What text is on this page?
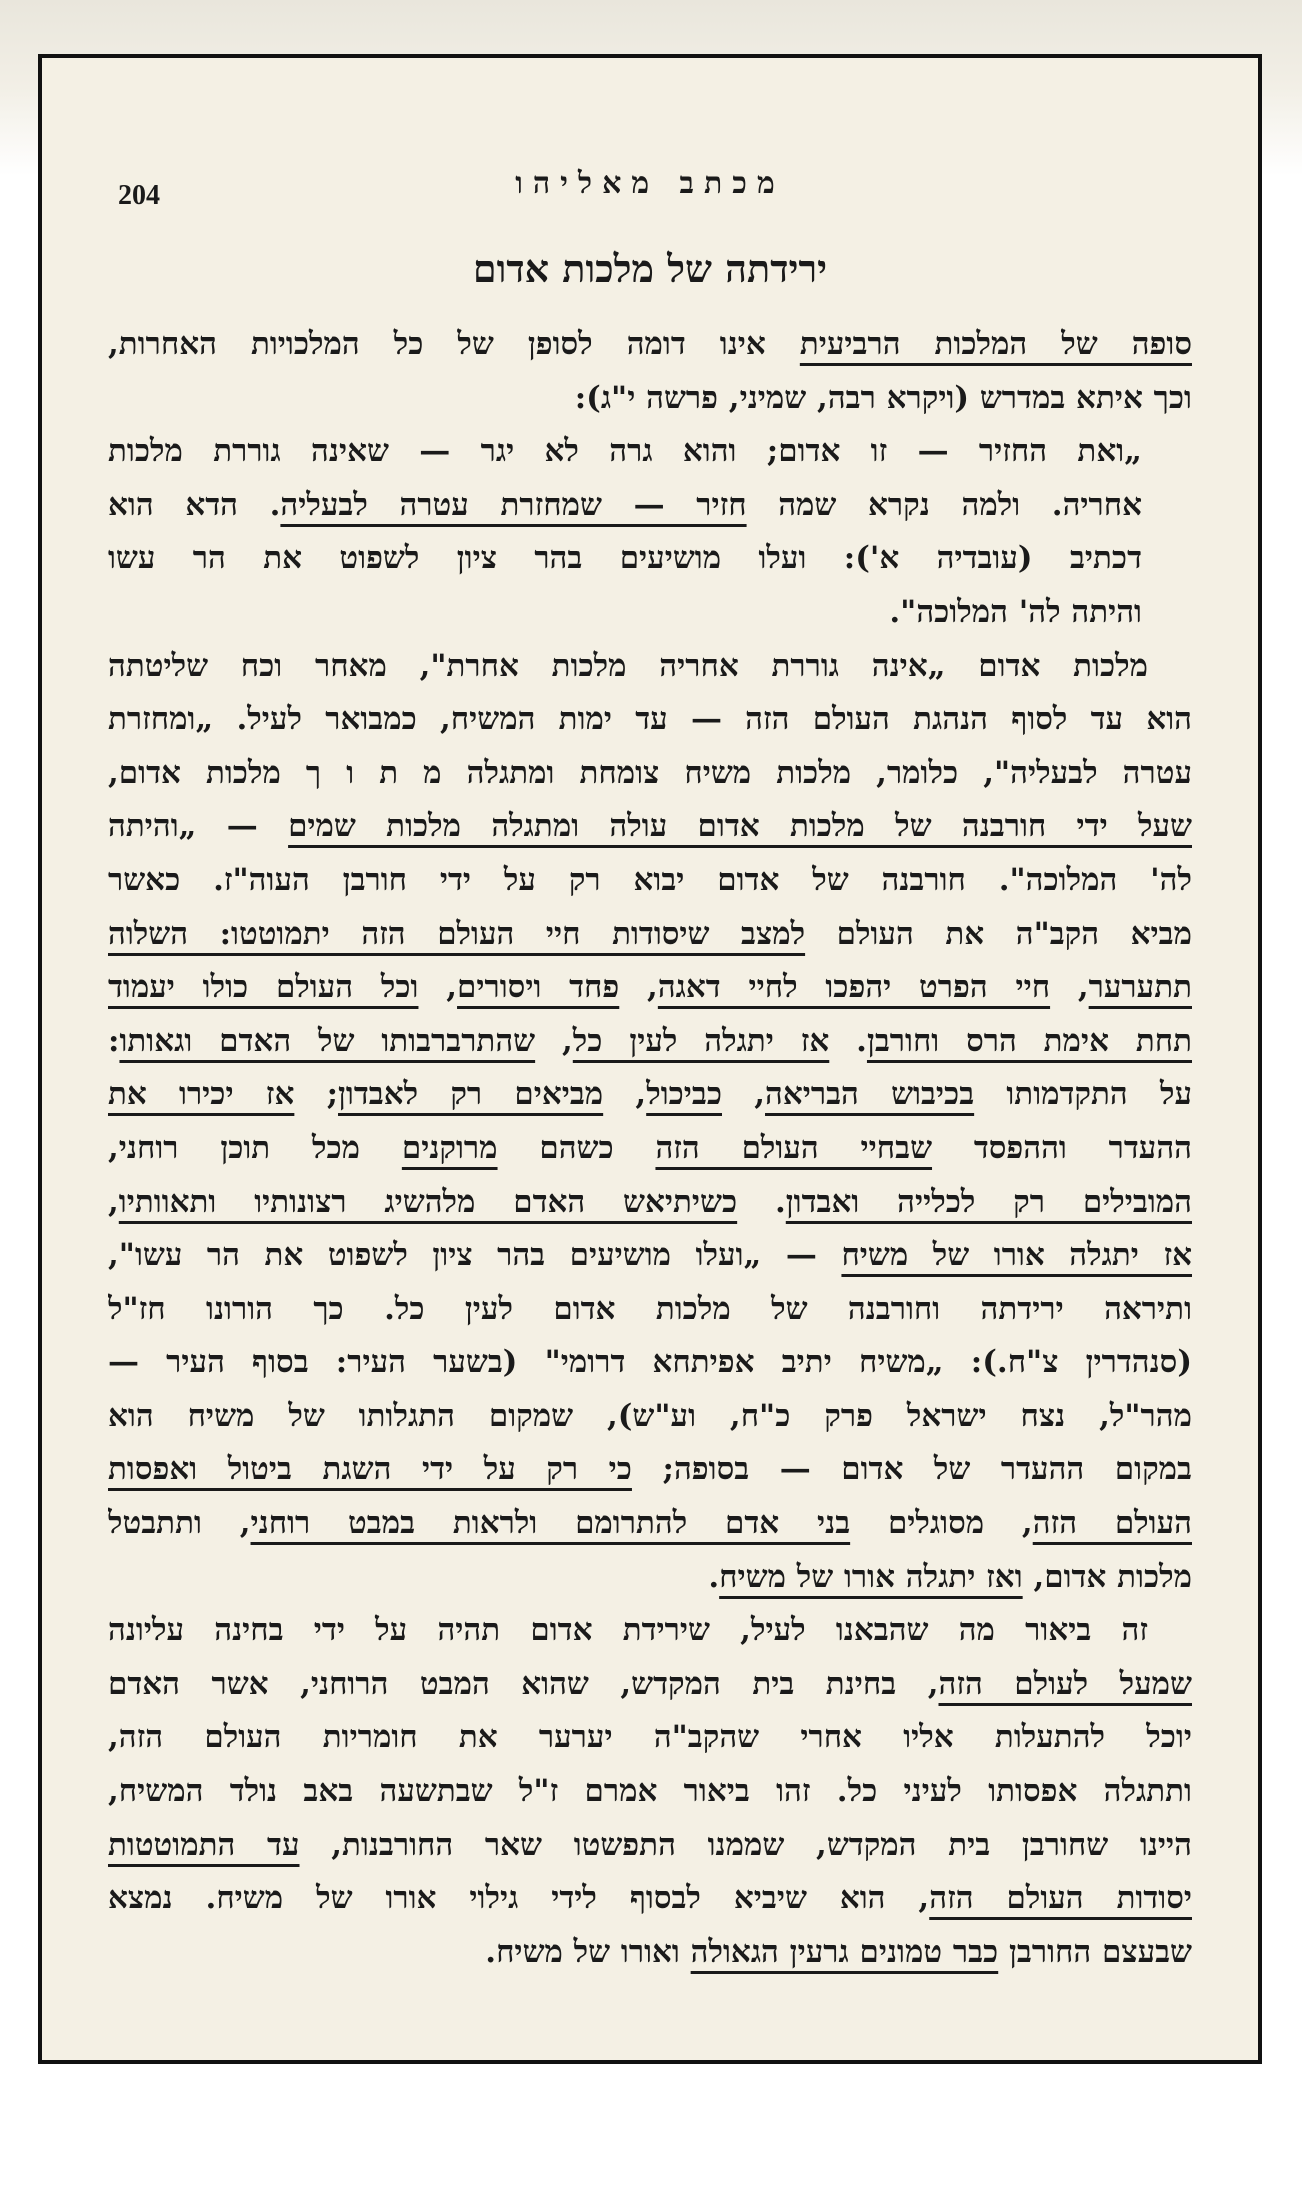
מכתב מאליהו
204
ירידתה של מלכות אדום
סופה של המלכות הרביעית אינו דומה לסופן של כל המלכויות האחרות,
וכך איתא במדרש (ויקרא רבה, שמיני, פרשה י"ג):
„ואת החזיר — זו אדום; והוא גרה לא יגר — שאינה גוררת מלכות
אחריה. ולמה נקרא שמה חזיר — שמחזרת עטרה לבעליה. הדא הוא
דכתיב (עובדיה א'): ועלו מושיעים בהר ציון לשפוט את הר עשו
והיתה לה' המלוכה".
מלכות אדום „אינה גוררת אחריה מלכות אחרת", מאחר וכח שליטתה
הוא עד לסוף הנהגת העולם הזה — עד ימות המשיח, כמבואר לעיל. „ומחזרת
עטרה לבעליה", כלומר, מלכות משיח צומחת ומתגלה מ ת ו ך מלכות אדום,
שעל ידי חורבנה של מלכות אדום עולה ומתגלה מלכות שמים — „והיתה
לה' המלוכה". חורבנה של אדום יבוא רק על ידי חורבן העוה"ז. כאשר
מביא הקב"ה את העולם למצב שיסודות חיי העולם הזה יתמוטטו: השלוה
תתערער, חיי הפרט יהפכו לחיי דאגה, פחד ויסורים, וכל העולם כולו יעמוד
תחת אימת הרס וחורבן. אז יתגלה לעין כל, שהתרברבותו של האדם וגאותו:
על התקדמותו בכיבוש הבריאה, כביכול, מביאים רק לאבדון; אז יכירו את
ההעדר וההפסד שבחיי העולם הזה כשהם מרוקנים מכל תוכן רוחני,
המובילים רק לכלייה ואבדון. כשיתיאש האדם מלהשיג רצונותיו ותאוותיו,
אז יתגלה אורו של משיח — „ועלו מושיעים בהר ציון לשפוט את הר עשו",
ותיראה ירידתה וחורבנה של מלכות אדום לעין כל. כך הורונו חז"ל
(סנהדרין צ"ח.): „משיח יתיב אפיתחא דרומי" (בשער העיר: בסוף העיר —
מהר"ל, נצח ישראל פרק כ"ח, וע"ש), שמקום התגלותו של משיח הוא
במקום ההעדר של אדום — בסופה; כי רק על ידי השגת ביטול ואפסות
העולם הזה, מסוגלים בני אדם להתרומם ולראות במבט רוחני, ותתבטל
מלכות אדום, ואז יתגלה אורו של משיח.
זה ביאור מה שהבאנו לעיל, שירידת אדום תהיה על ידי בחינה עליונה
שמעל לעולם הזה, בחינת בית המקדש, שהוא המבט הרוחני, אשר האדם
יוכל להתעלות אליו אחרי שהקב"ה יערער את חומריות העולם הזה,
ותתגלה אפסותו לעיני כל. זהו ביאור אמרם ז"ל שבתשעה באב נולד המשיח,
היינו שחורבן בית המקדש, שממנו התפשטו שאר החורבנות, עד התמוטטות
יסודות העולם הזה, הוא שיביא לבסוף לידי גילוי אורו של משיח. נמצא
שבעצם החורבן כבר טמונים גרעין הגאולה ואורו של משיח.
